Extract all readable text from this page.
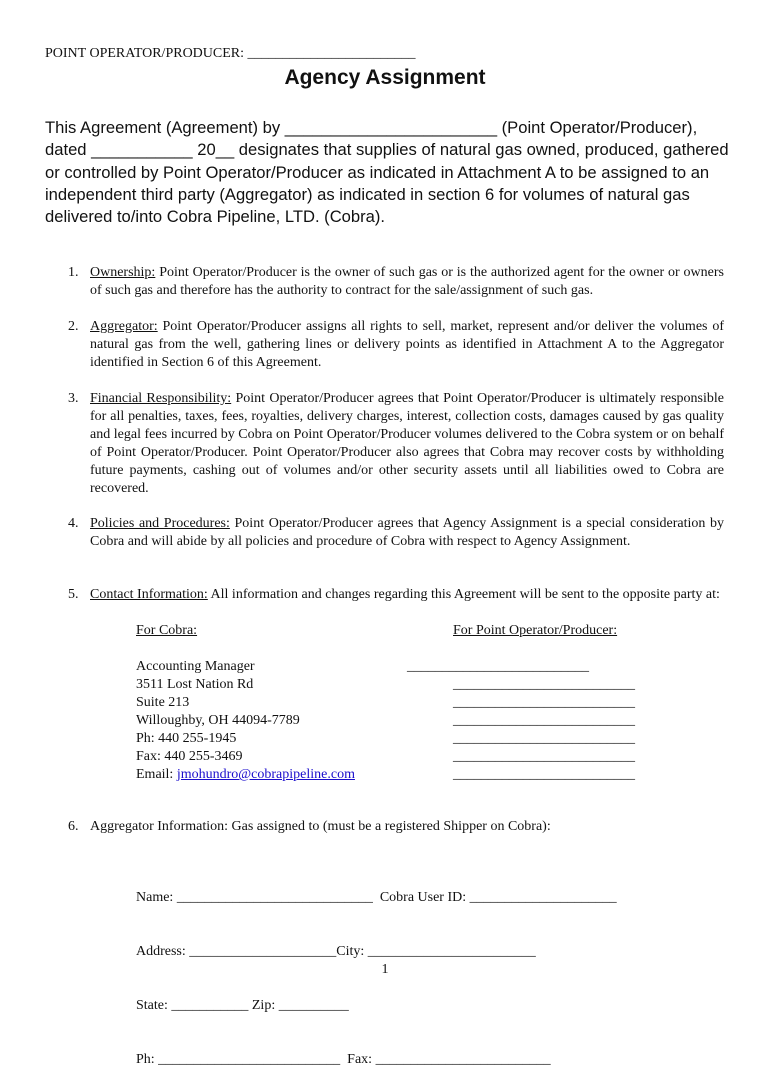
POINT OPERATOR/PRODUCER: ________________________
Agency Assignment
This Agreement (Agreement) by _______________________ (Point Operator/Producer), dated ___________ 20__ designates that supplies of natural gas owned, produced, gathered or controlled by Point Operator/Producer as indicated in Attachment A to be assigned to an independent third party (Aggregator) as indicated in section 6 for volumes of natural gas delivered to/into Cobra Pipeline, LTD. (Cobra).
1. Ownership: Point Operator/Producer is the owner of such gas or is the authorized agent for the owner or owners of such gas and therefore has the authority to contract for the sale/assignment of such gas.
2. Aggregator: Point Operator/Producer assigns all rights to sell, market, represent and/or deliver the volumes of natural gas from the well, gathering lines or delivery points as identified in Attachment A to the Aggregator identified in Section 6 of this Agreement.
3. Financial Responsibility: Point Operator/Producer agrees that Point Operator/Producer is ultimately responsible for all penalties, taxes, fees, royalties, delivery charges, interest, collection costs, damages caused by gas quality and legal fees incurred by Cobra on Point Operator/Producer volumes delivered to the Cobra system or on behalf of Point Operator/Producer. Point Operator/Producer also agrees that Cobra may recover costs by withholding future payments, cashing out of volumes and/or other security assets until all liabilities owed to Cobra are recovered.
4. Policies and Procedures: Point Operator/Producer agrees that Agency Assignment is a special consideration by Cobra and will abide by all policies and procedure of Cobra with respect to Agency Assignment.
5. Contact Information: All information and changes regarding this Agreement will be sent to the opposite party at:
For Cobra:
Accounting Manager
3511 Lost Nation Rd
Suite 213
Willoughby, OH 44094-7789
Ph: 440 255-1945
Fax: 440 255-3469
Email: jmohundro@cobrapipeline.com
For Point Operator/Producer:
__________________________
__________________________
__________________________
__________________________
__________________________
__________________________
__________________________
6. Aggregator Information: Gas assigned to (must be a registered Shipper on Cobra):

Name: ____________________________  Cobra User ID: _____________________

Address: _____________________City: ________________________

State: ___________ Zip: __________

Ph: __________________________  Fax: _________________________

1
